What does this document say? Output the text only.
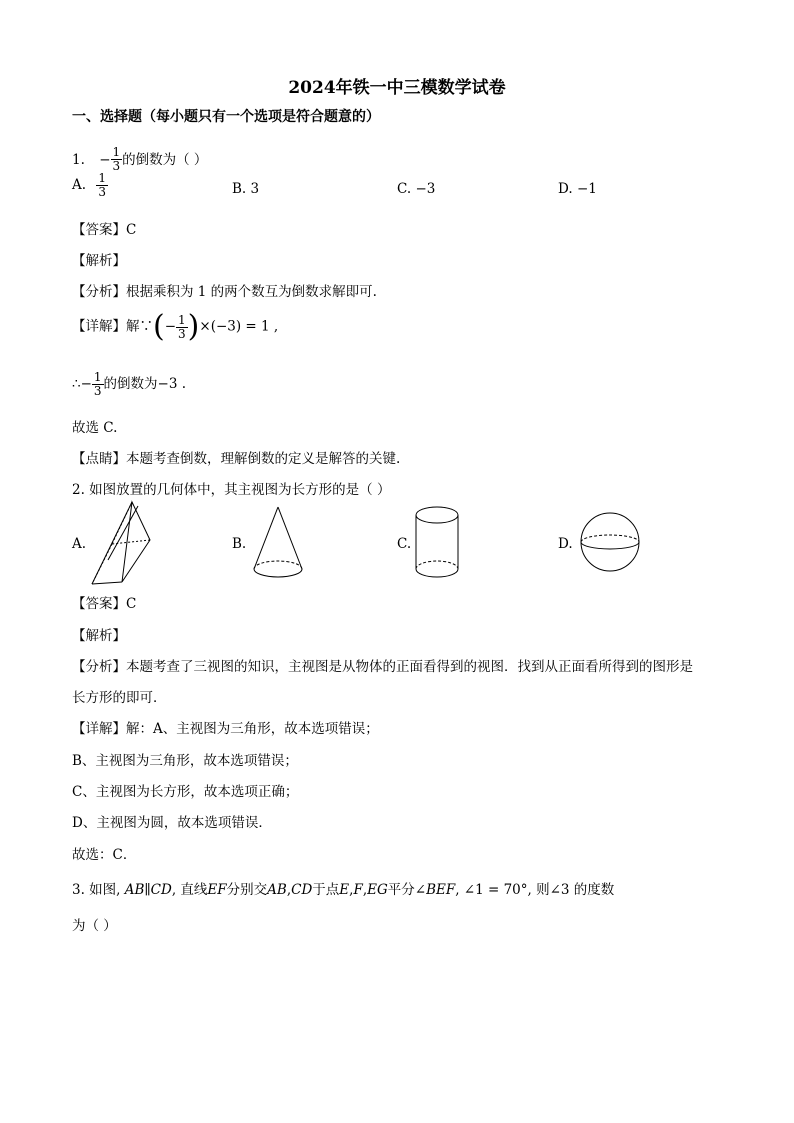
2024年铁一中三模数学试卷
一、选择题（每小题只有一个选项是符合题意的）
1. − $\frac{1}{3}$ 的倒数为（ ）
A. $\frac{1}{3}$	B. 3	C. −3	D. −1
【答案】C
【解析】
【分析】根据乘积为 1 的两个数互为倒数求解即可.
【详解】解∵(− $\frac{1}{3} )\times(-3) = 1$ ,
∴− $\frac{1}{3}$ 的倒数为−3 .
故选 C.
【点睛】本题考查倒数，理解倒数的定义是解答的关键.
2. 如图放置的几何体中，其主视图为长方形的是（ ）
A.	B.	C.	D.
【答案】C
【解析】
【分析】本题考查了三视图的知识，主视图是从物体的正面看得到的视图．找到从正面看所得到的图形是
长方形的即可．
【详解】解：A、主视图为三角形，故本选项错误；
B、主视图为三角形，故本选项错误；
C、主视图为长方形，故本选项正确；
D、主视图为圆，故本选项错误．
故选：C．
3. 如图, AB∥CD, 直线EF分别交AB,CD于点E,F,EG平分∠BEF, ∠1 = 70°, 则∠3 的度数
为（ ）
